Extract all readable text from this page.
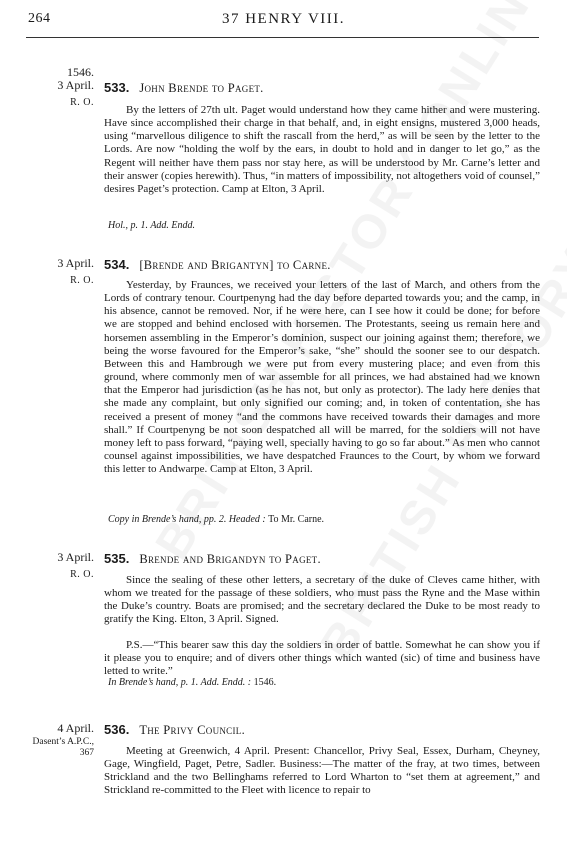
264	37 HENRY VIII.
1546.
3 April.
R. O.
533. John Brende to Paget.
By the letters of 27th ult. Paget would understand how they came hither and were mustering. Have since accomplished their charge in that behalf, and, in eight ensigns, mustered 3,000 heads, using “marvellous diligence to shift the rascall from the herd,” as will be seen by the letter to the Lords. Are now “holding the wolf by the ears, in doubt to hold and in danger to let go,” as the Regent will neither have them pass nor stay here, as will be understood by Mr. Carne’s letter and their answer (copies herewith). Thus, “in matters of impossibility, not altogethers void of counsel,” desires Paget’s protection. Camp at Elton, 3 April.
Hol., p. 1. Add. Endd.
3 April.
R. O.
534. [Brende and Brigantyn] to Carne.
Yesterday, by Fraunces, we received your letters of the last of March, and others from the Lords of contrary tenour. Courtpenyng had the day before departed towards you; and the camp, in his absence, cannot be removed. Nor, if he were here, can I see how it could be done; for before we are stopped and behind enclosed with horsemen. The Protestants, seeing us remain here and horsemen assembling in the Emperor’s dominion, suspect our joining against them; therefore, we being the worse favoured for the Emperor’s sake, “she” should the sooner see to our despatch. Between this and Hambrough we were put from every mustering place; and even from this ground, where commonly men of war assemble for all princes, we had abstained had we known that the Emperor had jurisdiction (as he has not, but only as protector). The lady here denies that she made any complaint, but only signified our coming; and, in token of contentation, she has received a present of money “and the commons have received towards their damages and more shall.” If Courtpenyng be not soon despatched all will be marred, for the soldiers will not have money left to pass forward, “paying well, specially having to go so far about.” As men who cannot counsel against impossibilities, we have despatched Fraunces to the Court, by whom we forward this letter to Andwarpe. Camp at Elton, 3 April.
Copy in Brende’s hand, pp. 2. Headed : To Mr. Carne.
3 April.
R. O.
535. Brende and Brigandyn to Paget.
Since the sealing of these other letters, a secretary of the duke of Cleves came hither, with whom we treated for the passage of these soldiers, who must pass the Ryne and the Mase within the Duke’s country. Boats are promised; and the secretary declared the Duke to be most ready to gratify the King. Elton, 3 April. Signed.
P.S.—“This bearer saw this day the soldiers in order of battle. Somewhat he can show you if it please you to enquire; and of divers other things which wanted (sic) of time and business have letted to write.”
In Brende’s hand, p. 1. Add. Endd. : 1546.
4 April.
Dasent’s A.P.C., 367
536. The Privy Council.
Meeting at Greenwich, 4 April. Present: Chancellor, Privy Seal, Essex, Durham, Cheyney, Gage, Wingfield, Paget, Petre, Sadler. Business:—The matter of the fray, at two times, between Strickland and the two Bellinghams referred to Lord Wharton to “set them at agreement,” and Strickland re-committed to the Fleet with licence to repair to
